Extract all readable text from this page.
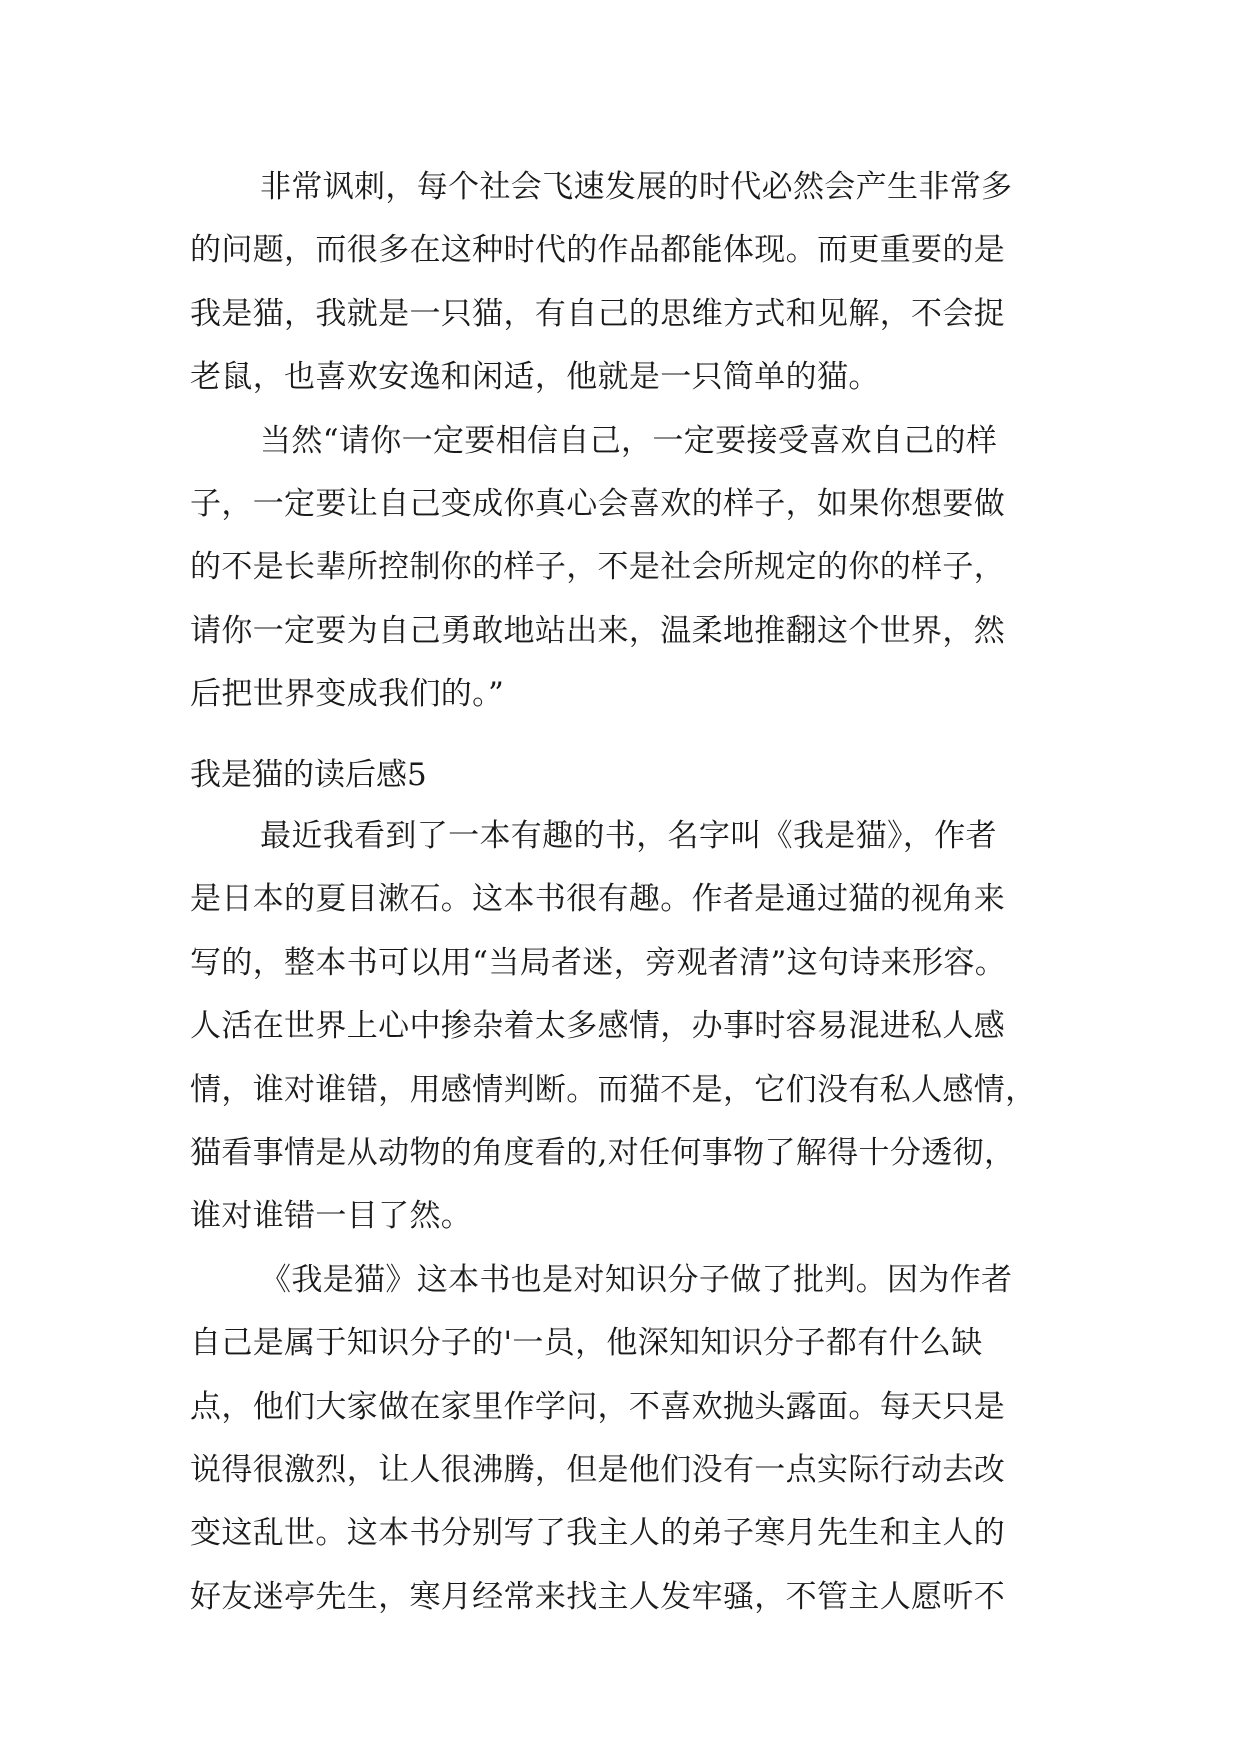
非常讽刺，每个社会飞速发展的时代必然会产生非常多
的问题，而很多在这种时代的作品都能体现。而更重要的是
我是猫，我就是一只猫，有自己的思维方式和见解，不会捉
老鼠，也喜欢安逸和闲适，他就是一只简单的猫。
当然“请你一定要相信自己，一定要接受喜欢自己的样
子，一定要让自己变成你真心会喜欢的样子，如果你想要做
的不是长辈所控制你的样子，不是社会所规定的你的样子，
请你一定要为自己勇敢地站出来，温柔地推翻这个世界，然
后把世界变成我们的。”
我是猫的读后感5
最近我看到了一本有趣的书，名字叫《我是猫》，作者
是日本的夏目漱石。这本书很有趣。作者是通过猫的视角来
写的，整本书可以用“当局者迷，旁观者清”这句诗来形容。
人活在世界上心中掺杂着太多感情，办事时容易混进私人感
情，谁对谁错，用感情判断。而猫不是，它们没有私人感情，
猫看事情是从动物的角度看的,对任何事物了解得十分透彻，
谁对谁错一目了然。
《我是猫》这本书也是对知识分子做了批判。因为作者
自己是属于知识分子的'一员，他深知知识分子都有什么缺
点，他们大家做在家里作学问，不喜欢抛头露面。每天只是
说得很激烈，让人很沸腾，但是他们没有一点实际行动去改
变这乱世。这本书分别写了我主人的弟子寒月先生和主人的
好友迷亭先生，寒月经常来找主人发牢骚，不管主人愿听不
